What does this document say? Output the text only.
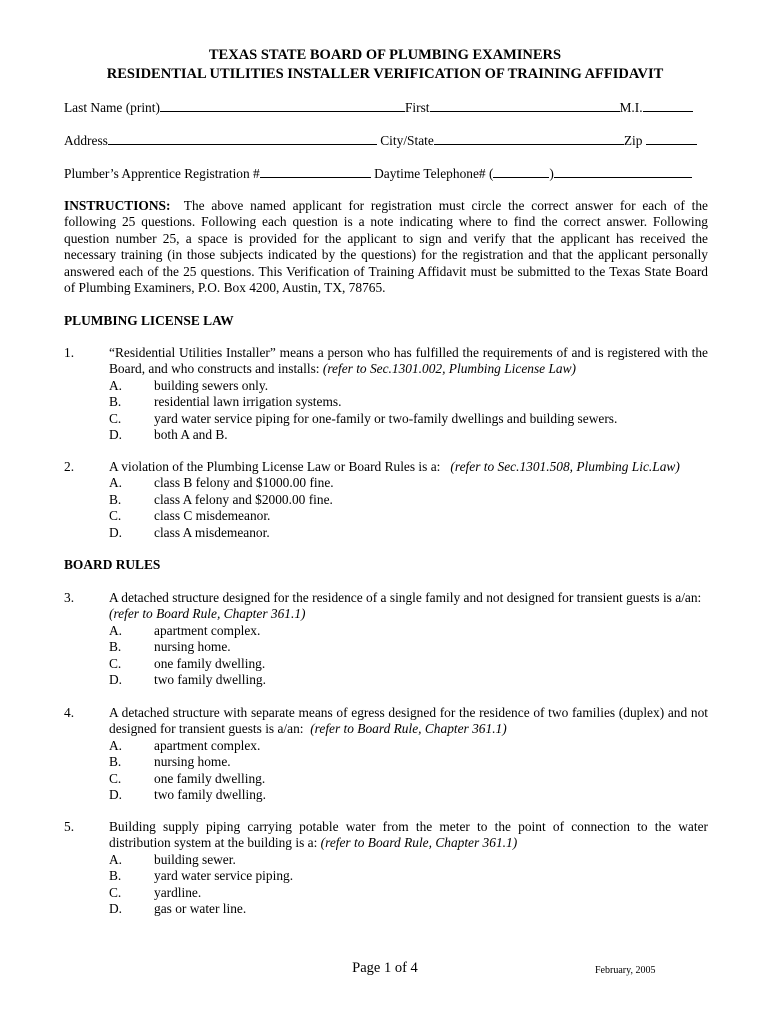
TEXAS STATE BOARD OF PLUMBING EXAMINERS
RESIDENTIAL UTILITIES INSTALLER VERIFICATION OF TRAINING AFFIDAVIT
Last Name (print)	First	M.I.
Address	City/State	Zip
Plumber’s Apprentice Registration #	Daytime Telephone# (	)
INSTRUCTIONS: The above named applicant for registration must circle the correct answer for each of the following 25 questions. Following each question is a note indicating where to find the correct answer. Following question number 25, a space is provided for the applicant to sign and verify that the applicant has received the necessary training (in those subjects indicated by the questions) for the registration and that the applicant personally answered each of the 25 questions. This Verification of Training Affidavit must be submitted to the Texas State Board of Plumbing Examiners, P.O. Box 4200, Austin, TX, 78765.
PLUMBING LICENSE LAW
1.	“Residential Utilities Installer” means a person who has fulfilled the requirements of and is registered with the Board, and who constructs and installs: (refer to Sec.1301.002, Plumbing License Law)
A. building sewers only.
B. residential lawn irrigation systems.
C. yard water service piping for one-family or two-family dwellings and building sewers.
D. both A and B.
2.	A violation of the Plumbing License Law or Board Rules is a: (refer to Sec.1301.508, Plumbing Lic.Law)
A. class B felony and $1000.00 fine.
B. class A felony and $2000.00 fine.
C. class C misdemeanor.
D. class A misdemeanor.
BOARD RULES
3.	A detached structure designed for the residence of a single family and not designed for transient guests is a/an:   (refer to Board Rule, Chapter 361.1)
A. apartment complex.
B. nursing home.
C. one family dwelling.
D. two family dwelling.
4.	A detached structure with separate means of egress designed for the residence of two families (duplex) and not designed for transient guests is a/an: (refer to Board Rule, Chapter 361.1)
A. apartment complex.
B. nursing home.
C. one family dwelling.
D. two family dwelling.
5.	Building supply piping carrying potable water from the meter to the point of connection to the water distribution system at the building is a: (refer to Board Rule, Chapter 361.1)
A. building sewer.
B. yard water service piping.
C. yardline.
D. gas or water line.
Page 1 of 4	February, 2005
